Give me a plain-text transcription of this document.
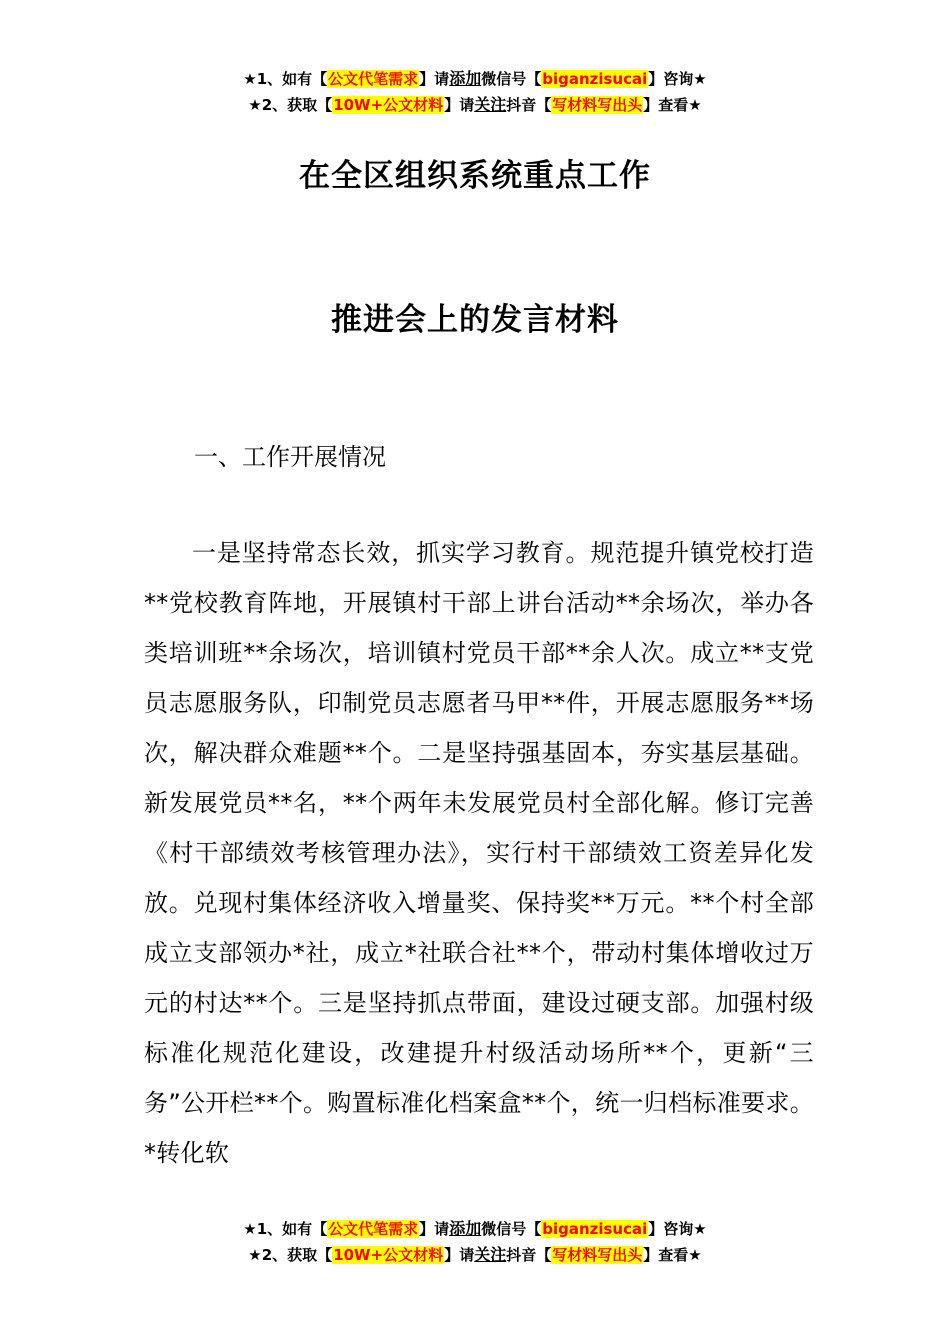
★1、如有【公文代笔需求】请添加微信号【biganzisucai】咨询★
★2、获取【10W+公文材料】请关注抖音【写材料写出头】查看★
在全区组织系统重点工作
推进会上的发言材料
一、工作开展情况

一是坚持常态长效，抓实学习教育。规范提升镇党校打造**党校教育阵地，开展镇村干部上讲台活动**余场次，举办各类培训班**余场次，培训镇村党员干部**余人次。成立**支党员志愿服务队，印制党员志愿者马甲**件，开展志愿服务**场次，解决群众难题**个。二是坚持强基固本，夯实基层基础。新发展党员**名，**个两年未发展党员村全部化解。修订完善《村干部绩效考核管理办法》，实行村干部绩效工资差异化发放。兑现村集体经济收入增量奖、保持奖**万元。**个村全部成立支部领办*社，成立*社联合社**个，带动村集体增收过万元的村达**个。三是坚持抓点带面，建设过硬支部。加强村级标准化规范化建设，改建提升村级活动场所**个，更新“三务”公开栏**个。购置标准化档案盒**个，统一归档标准要求。*转化软

★1、如有【公文代笔需求】请添加微信号【biganzisucai】咨询★
★2、获取【10W+公文材料】请关注抖音【写材料写出头】查看★
